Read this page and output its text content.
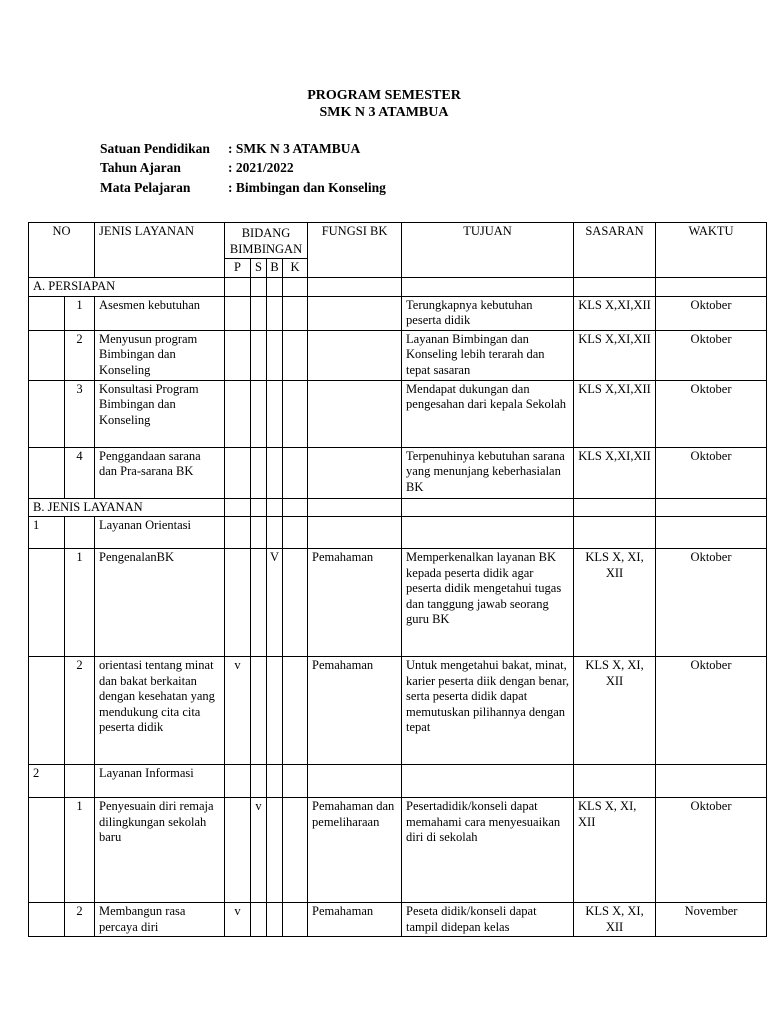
PROGRAM SEMESTER
SMK N 3 ATAMBUA
Satuan Pendidikan : SMK N 3 ATAMBUA
Tahun Ajaran	: 2021/2022
Mata Pelajaran	: Bimbingan dan Konseling
NO		JENIS LAYANAN	BIDANG BIMBINGAN				FUNGSI BK	TUJUAN	SASARAN	WAKTU
			P	S	B	K				
A. PERSIAPAN										
	1	Asesmen kebutuhan						Terungkapnya kebutuhan peserta didik	KLS X,XI,XII	Oktober
	2	Menyusun program Bimbingan dan Konseling						Layanan Bimbingan dan Konseling lebih terarah dan tepat sasaran	KLS X,XI,XII	Oktober
	3	Konsultasi Program Bimbingan dan Konseling						Mendapat dukungan dan pengesahan dari kepala Sekolah	KLS X,XI,XII	Oktober
	4	Penggandaan sarana dan Pra-sarana BK						Terpenuhinya kebutuhan sarana yang menunjang keberhasialan BK	KLS X,XI,XII	Oktober
B. JENIS LAYANAN										
1		Layanan Orientasi								
	1	PengenalanBK			V		Pemahaman	Memperkenalkan layanan BK kepada peserta didik agar peserta didik mengetahui tugas dan tanggung jawab seorang guru BK	KLS X, XI, XII	Oktober
	2	orientasi tentang minat dan bakat berkaitan dengan kesehatan yang mendukung cita cita peserta didik	v				Pemahaman	Untuk mengetahui bakat, minat, karier peserta diik dengan benar, serta peserta didik dapat memutuskan pilihannya dengan tepat	KLS X, XI, XII	Oktober
2		Layanan Informasi								
	1	Penyesuain diri remaja dilingkungan sekolah baru		v			Pemahaman dan pemeliharaan	Pesertadidik/konseli dapat memahami cara menyesuaikan diri di sekolah	KLS X, XI, XII	Oktober
	2	Membangun rasa percaya diri	v				Pemahaman	Peseta didik/konseli dapat tampil didepan kelas	KLS X, XI, XII	November
